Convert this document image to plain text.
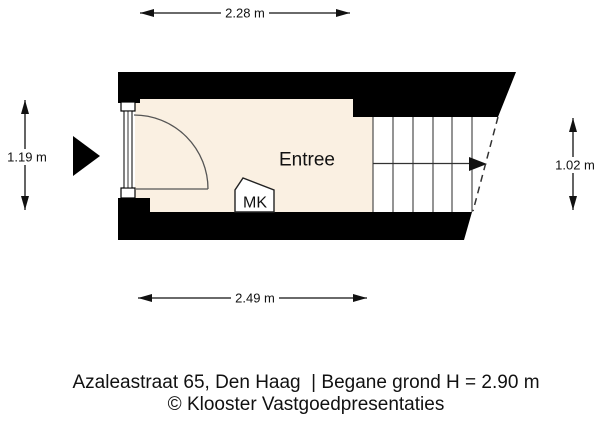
MK
Entree
2.28 m
1.19 m
1.02 m
2.49 m
Azaleastraat 65, Den Haag  | Begane grond H = 2.90 m
© Klooster Vastgoedpresentaties
